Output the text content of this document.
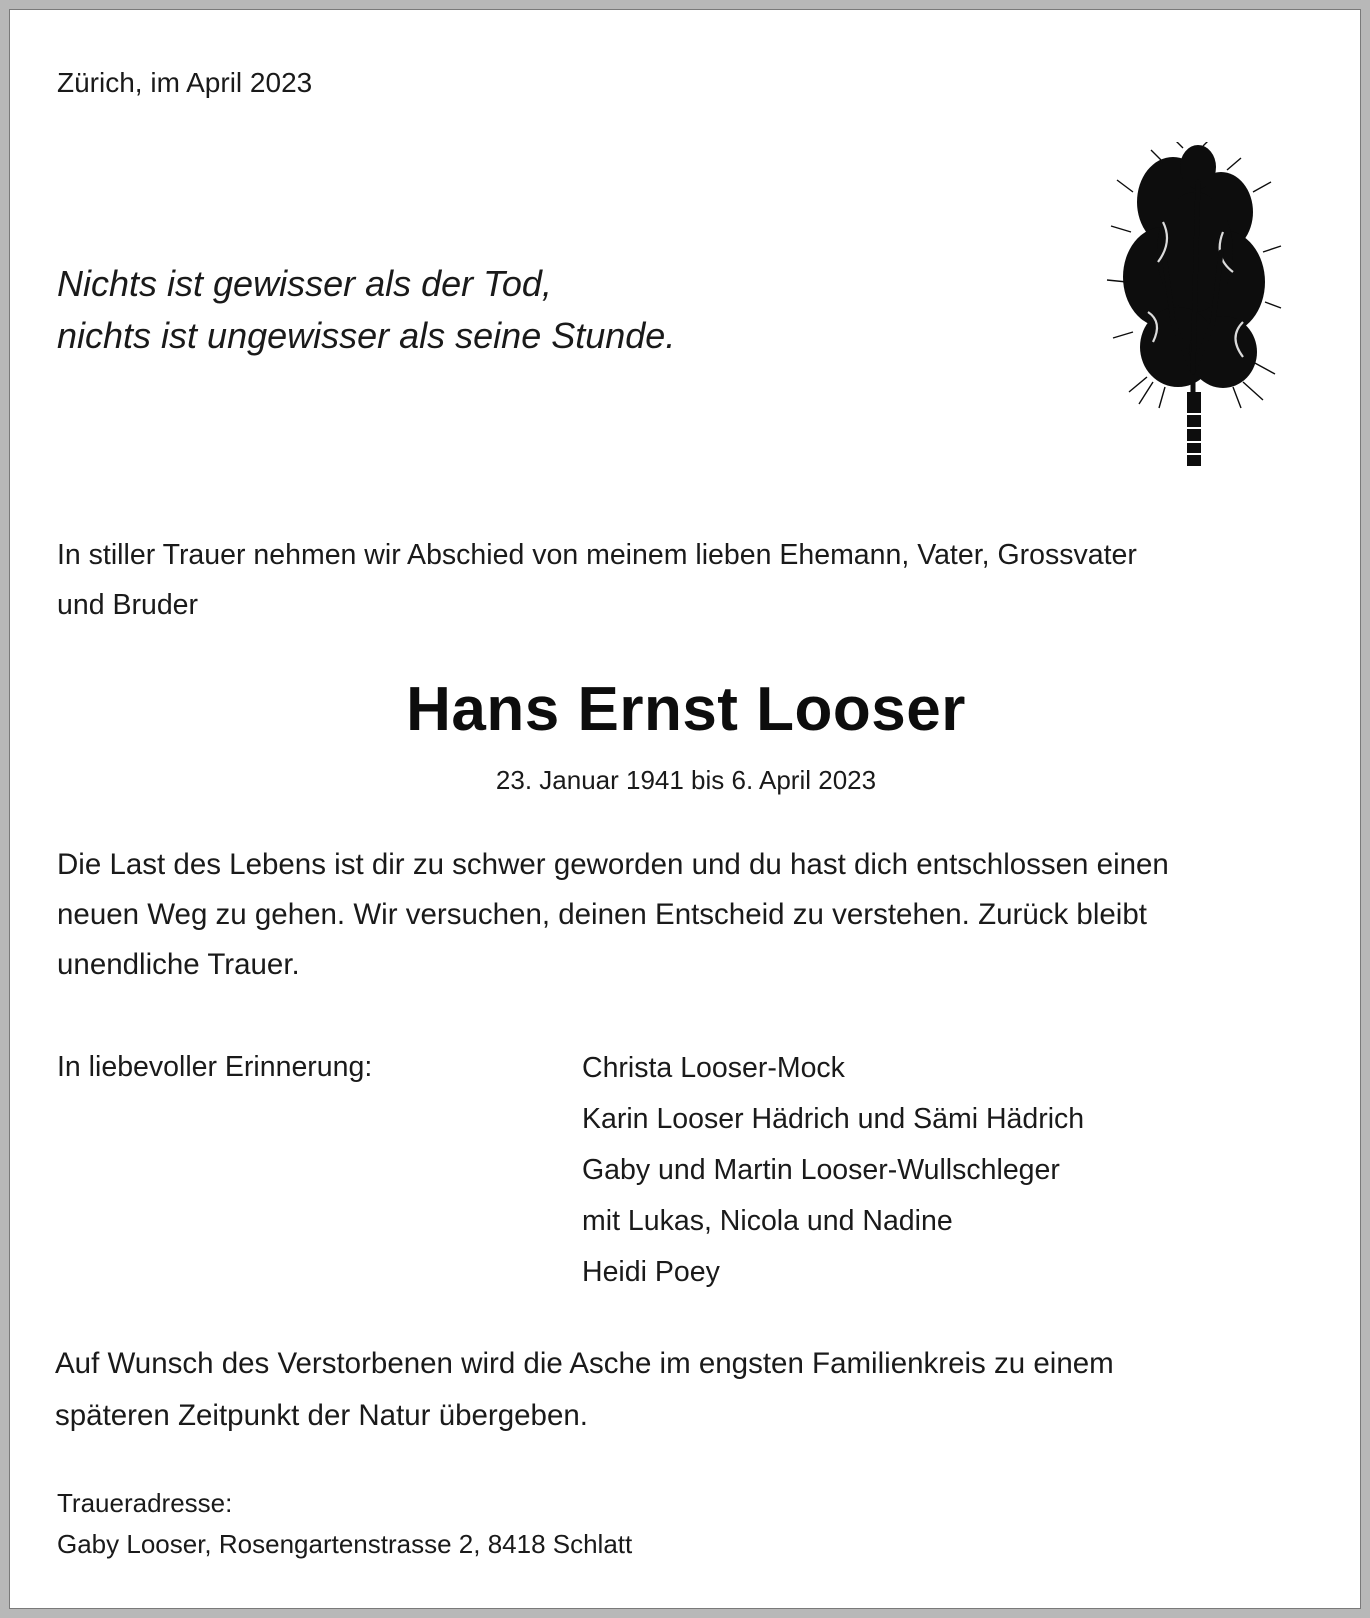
Zürich, im April 2023

Nichts ist gewisser als der Tod,
nichts ist ungewisser als seine Stunde.

In stiller Trauer nehmen wir Abschied von meinem lieben Ehemann, Vater, Grossvater
und Bruder

Hans Ernst Looser

23. Januar 1941 bis 6. April 2023

Die Last des Lebens ist dir zu schwer geworden und du hast dich entschlossen einen
neuen Weg zu gehen. Wir versuchen, deinen Entscheid zu verstehen. Zurück bleibt
unendliche Trauer.

In liebevoller Erinnerung:	Christa Looser-Mock
Karin Looser Hädrich und Sämi Hädrich
Gaby und Martin Looser-Wullschleger
mit Lukas, Nicola und Nadine
Heidi Poey

Auf Wunsch des Verstorbenen wird die Asche im engsten Familienkreis zu einem
späteren Zeitpunkt der Natur übergeben.

Traueradresse:

Gaby Looser, Rosengartenstrasse 2, 8418 Schlatt
